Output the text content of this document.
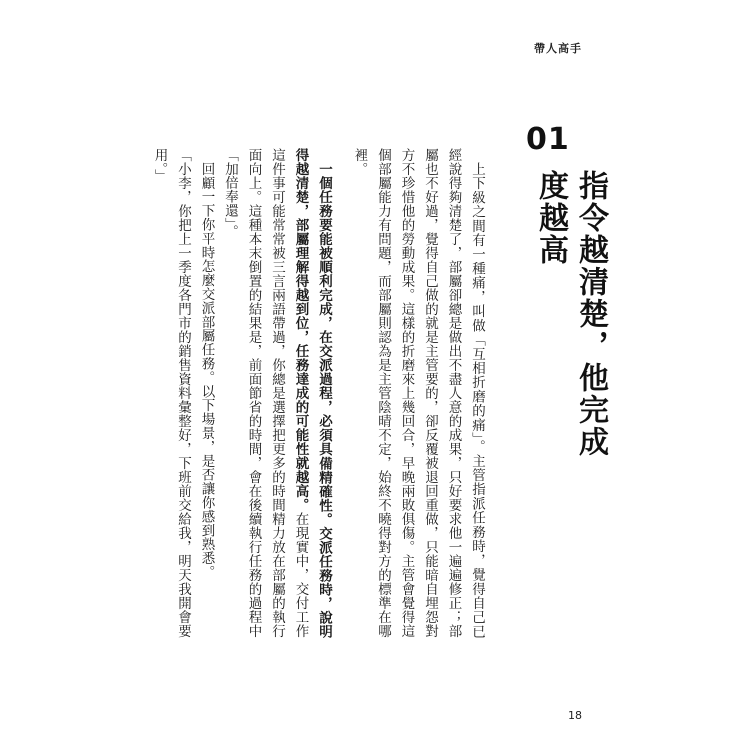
帶人高手
01
指令越清楚，他完成度越高

上下級之間有一種痛，叫做「互相折磨的痛」。主管指派任務時，覺得自己已經說得夠清楚了，部屬卻總是做出不盡人意的成果，只好要求他一遍遍修正；部屬也不好過，覺得自己做的就是主管要的，卻反覆被退回重做，只能暗自埋怨對方不珍惜他的勞動成果。這樣的折磨來上幾回合，早晚兩敗俱傷。主管會覺得這個部屬能力有問題，而部屬則認為是主管陰晴不定，始終不曉得對方的標準在哪裡。

一個任務要能被順利完成，在交派過程，必須具備精確性。交派任務時，說明得越清楚，部屬理解得越到位，任務達成的可能性就越高。在現實中，交付工作這件事可能常常被三言兩語帶過，你總是選擇把更多的時間精力放在部屬的執行面向上。這種本末倒置的結果是，前面節省的時間，會在後續執行任務的過程中「加倍奉還」。

回顧一下你平時怎麼交派部屬任務。以下場景，是否讓你感到熟悉。

「小李，你把上一季度各門市的銷售資料彙整好，下班前交給我，明天我開會要用。」

18
